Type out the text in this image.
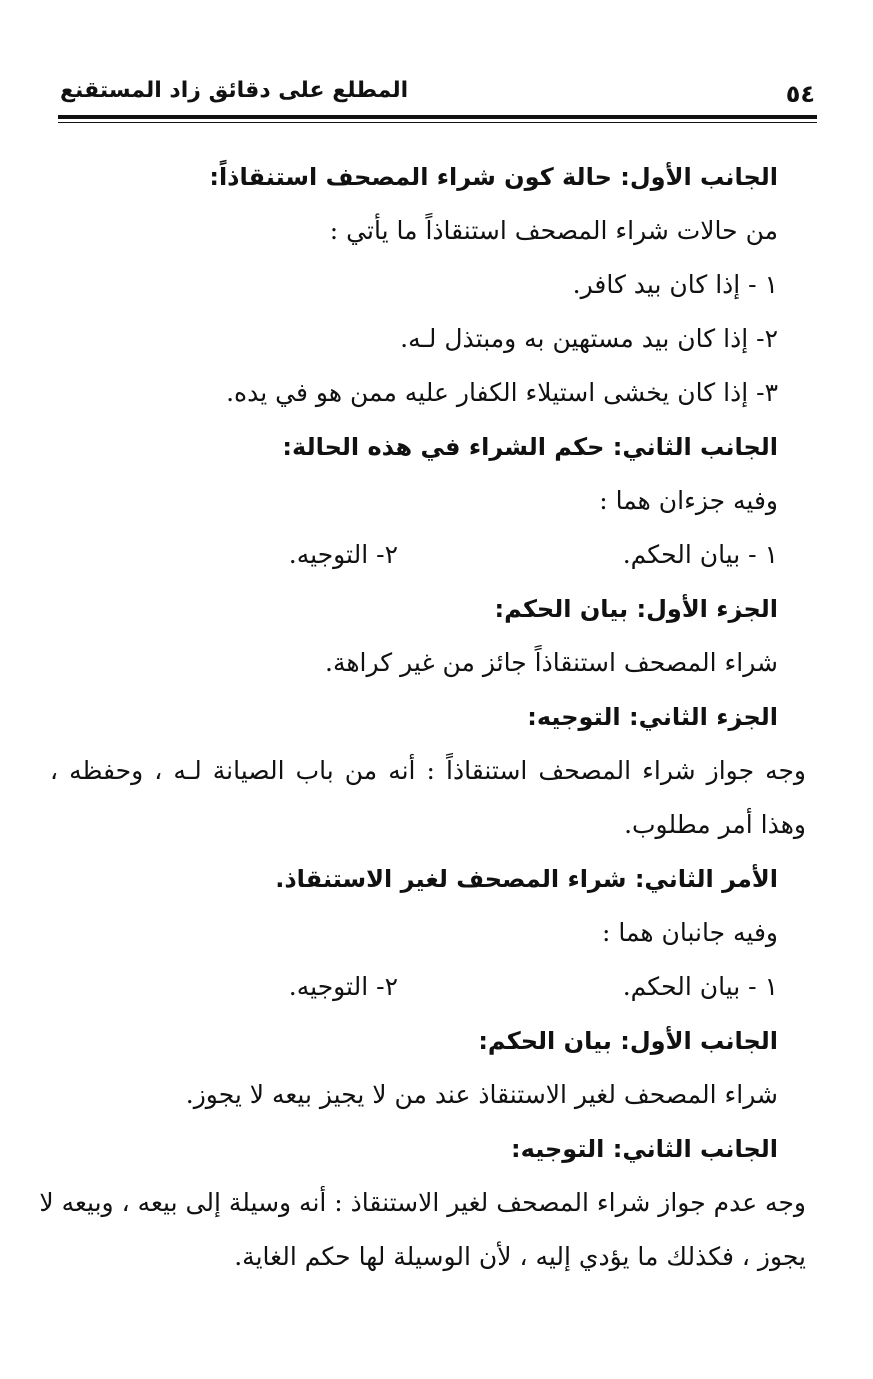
٥٤
المطلع على دقائق زاد المستقنع
الجانب الأول: حالة كون شراء المصحف استنقاذاً:
من حالات شراء المصحف استنقاذاً ما يأتي :
١ - إذا كان بيد كافر.
٢- إذا كان بيد مستهين به ومبتذل لـه.
٣- إذا كان يخشى استيلاء الكفار عليه ممن هو في يده.
الجانب الثاني: حكم الشراء في هذه الحالة:
وفيه جزءان هما :
١ - بيان الحكم.
٢- التوجيه.
الجزء الأول: بيان الحكم:
شراء المصحف استنقاذاً جائز من غير كراهة.
الجزء الثاني: التوجيه:
وجه جواز شراء المصحف استنقاذاً : أنه من باب الصيانة لـه ، وحفظه ،
وهذا أمر مطلوب.
الأمر الثاني: شراء المصحف لغير الاستنقاذ.
وفيه جانبان هما :
١ - بيان الحكم.
٢- التوجيه.
الجانب الأول: بيان الحكم:
شراء المصحف لغير الاستنقاذ عند من لا يجيز بيعه لا يجوز.
الجانب الثاني: التوجيه:
وجه عدم جواز شراء المصحف لغير الاستنقاذ : أنه وسيلة إلى بيعه ، وبيعه لا
يجوز ، فكذلك ما يؤدي إليه ، لأن الوسيلة لها حكم الغاية.
